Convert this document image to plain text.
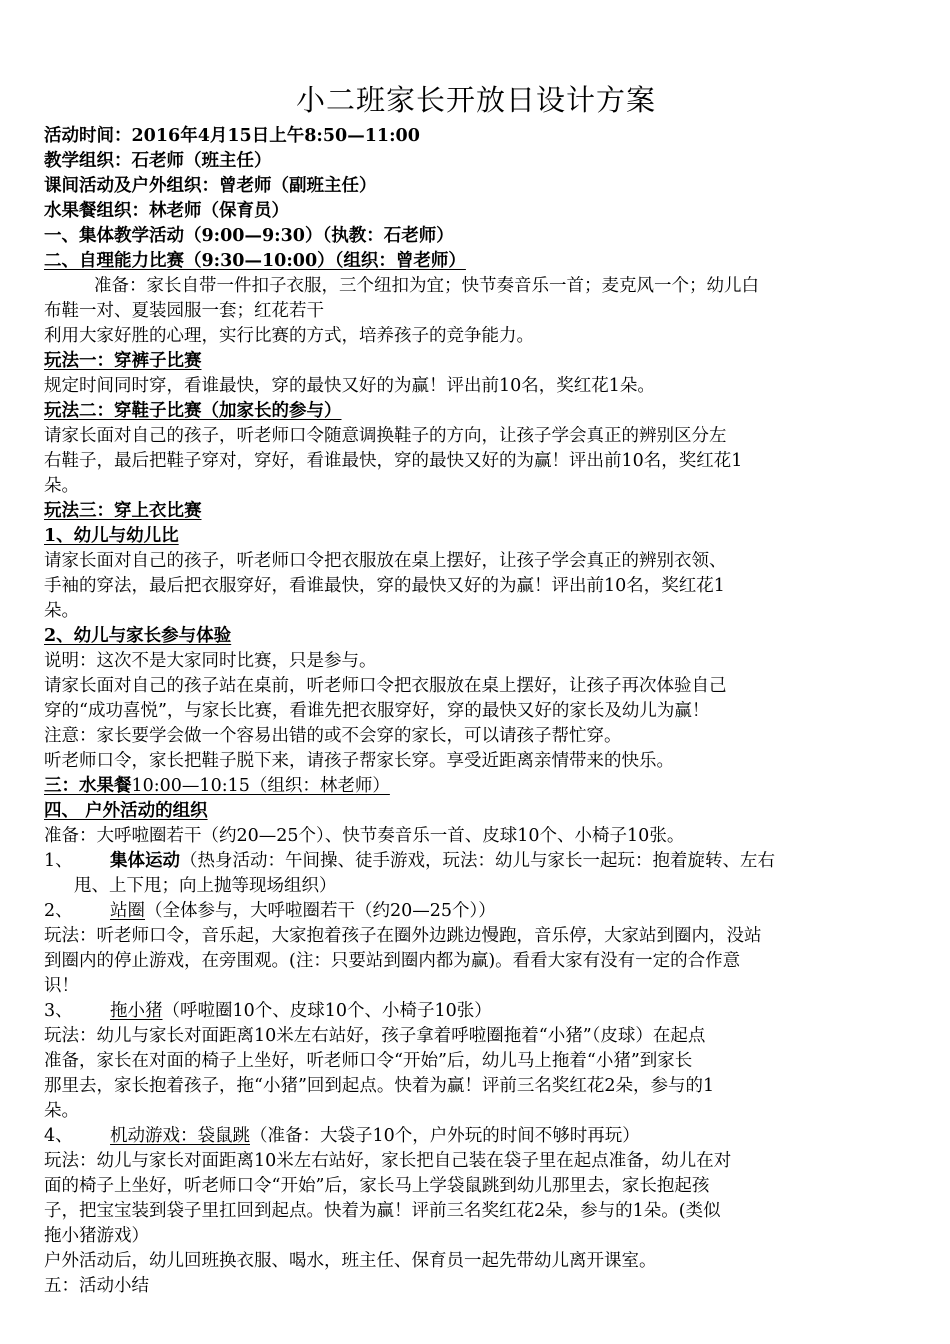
小二班家长开放日设计方案
活动时间：2016年4月15日上午8:50—11:00
教学组织：石老师（班主任）
课间活动及户外组织：曾老师（副班主任）
水果餐组织：林老师（保育员）
一、集体教学活动（9:00—9:30）（执教：石老师）
二、自理能力比赛（9:30—10:00）（组织：曾老师）
准备：家长自带一件扣子衣服，三个纽扣为宜；快节奏音乐一首；麦克风一个；幼儿白
布鞋一对、夏装园服一套；红花若干
利用大家好胜的心理，实行比赛的方式，培养孩子的竞争能力。
玩法一：穿裤子比赛
规定时间同时穿，看谁最快，穿的最快又好的为赢！评出前10名，奖红花1朵。
玩法二：穿鞋子比赛（加家长的参与）
请家长面对自己的孩子，听老师口令随意调换鞋子的方向，让孩子学会真正的辨别区分左
右鞋子，最后把鞋子穿对，穿好，看谁最快，穿的最快又好的为赢！评出前10名，奖红花1
朵。
玩法三：穿上衣比赛
1、幼儿与幼儿比
请家长面对自己的孩子，听老师口令把衣服放在桌上摆好，让孩子学会真正的辨别衣领、
手袖的穿法，最后把衣服穿好，看谁最快，穿的最快又好的为赢！评出前10名，奖红花1
朵。
2、幼儿与家长参与体验
说明：这次不是大家同时比赛，只是参与。
请家长面对自己的孩子站在桌前，听老师口令把衣服放在桌上摆好，让孩子再次体验自己
穿的“成功喜悦”，与家长比赛，看谁先把衣服穿好，穿的最快又好的家长及幼儿为赢！
注意：家长要学会做一个容易出错的或不会穿的家长，可以请孩子帮忙穿。
听老师口令，家长把鞋子脱下来，请孩子帮家长穿。享受近距离亲情带来的快乐。
三：水果餐10:00—10:15（组织：林老师）
四、 户外活动的组织
准备：大呼啦圈若干（约20—25个）、快节奏音乐一首、皮球10个、小椅子10张。
1、 集体运动（热身活动：午间操、徒手游戏，玩法：幼儿与家长一起玩：抱着旋转、左右
甩、上下甩；向上抛等现场组织）
2、 站圈（全体参与，大呼啦圈若干（约20—25个））
玩法：听老师口令，音乐起，大家抱着孩子在圈外边跳边慢跑，音乐停，大家站到圈内，没站
到圈内的停止游戏，在旁围观。(注：只要站到圈内都为赢)。看看大家有没有一定的合作意
识！
3、 拖小猪（呼啦圈10个、皮球10个、小椅子10张）
玩法：幼儿与家长对面距离10米左右站好，孩子拿着呼啦圈拖着“小猪”（皮球）在起点
准备，家长在对面的椅子上坐好，听老师口令“开始”后，幼儿马上拖着“小猪”到家长
那里去，家长抱着孩子，拖“小猪”回到起点。快着为赢！评前三名奖红花2朵，参与的1
朵。
4、 机动游戏：袋鼠跳（准备：大袋子10个，户外玩的时间不够时再玩）
玩法：幼儿与家长对面距离10米左右站好，家长把自己装在袋子里在起点准备，幼儿在对
面的椅子上坐好，听老师口令“开始”后，家长马上学袋鼠跳到幼儿那里去，家长抱起孩
子，把宝宝装到袋子里扛回到起点。快着为赢！评前三名奖红花2朵，参与的1朵。(类似
拖小猪游戏）
户外活动后，幼儿回班换衣服、喝水，班主任、保育员一起先带幼儿离开课室。
五：活动小结
